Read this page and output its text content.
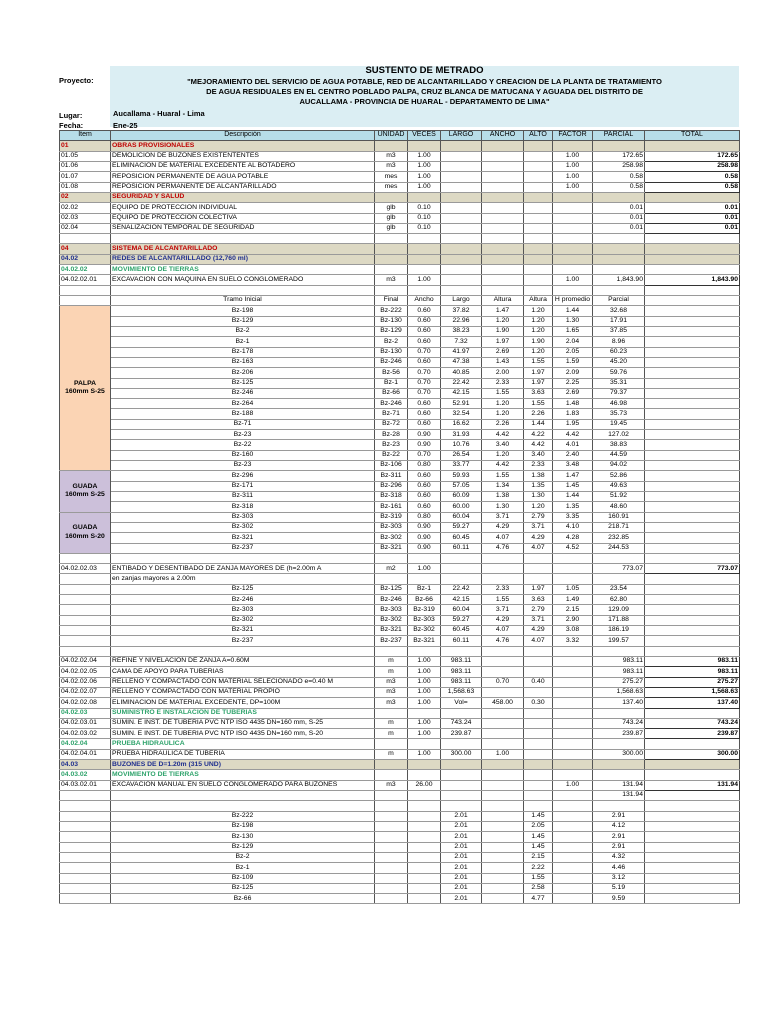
SUSTENTO DE METRADO
Proyecto:	"MEJORAMIENTO DEL SERVICIO DE AGUA POTABLE, RED DE ALCANTARILLADO Y CREACION DE LA PLANTA DE TRATAMIENTO
DE AGUA RESIDUALES EN EL CENTRO POBLADO PALPA, CRUZ BLANCA DE MATUCANA Y AGUADA DEL DISTRITO DE
AUCALLAMA - PROVINCIA DE HUARAL - DEPARTAMENTO DE LIMA"
Lugar:	Aucallama - Huaral - Lima
Fecha:	Ene-25
Item	Descripción	UNIDAD	VECES	LARGO	ANCHO	ALTO	FACTOR	PARCIAL	TOTAL
01	OBRAS PROVISIONALES								
01.05	DEMOLICION DE BUZONES EXISTENTENTES	m3	1.00				1.00	172.65	172.65
01.06	ELIMINACION DE MATERIAL EXCEDENTE AL BOTADERO	m3	1.00				1.00	258.98	258.98
01.07	REPOSICION PERMANENTE DE AGUA POTABLE	mes	1.00				1.00	0.58	0.58
01.08	REPOSICION PERMANENTE DE ALCANTARILLADO	mes	1.00				1.00	0.58	0.58
02	SEGURIDAD Y SALUD								
02.02	EQUIPO DE PROTECCION INDIVIDUAL	glb	0.10					0.01	0.01
02.03	EQUIPO DE PROTECCION COLECTIVA	glb	0.10					0.01	0.01
02.04	SENALIZACION TEMPORAL DE SEGURIDAD	glb	0.10					0.01	0.01

04	SISTEMA DE ALCANTARILLADO								
04.02	REDES DE ALCANTARILLADO (12,760 ml)								
04.02.02	MOVIMIENTO DE TIERRAS								
04.02.02.01	EXCAVACION CON MAQUINA EN SUELO CONGLOMERADO	m3	1.00				1.00	1,843.90	1,843.90

	Tramo Inicial	Final	Ancho	Largo	Altura	Altura	H promedio	Parcial	
PALPA
160mm S-25	Bz-198	Bz-222	0.60	37.82	1.47	1.20	1.44	32.68	
	Bz-129	Bz-130	0.60	22.96	1.20	1.20	1.30	17.91	
	Bz-2	Bz-129	0.60	38.23	1.90	1.20	1.65	37.85	
	Bz-1	Bz-2	0.60	7.32	1.97	1.90	2.04	8.96	
	Bz-178	Bz-130	0.70	41.97	2.69	1.20	2.05	60.23	
	Bz-163	Bz-246	0.60	47.38	1.43	1.55	1.59	45.20	
	Bz-206	Bz-56	0.70	40.85	2.00	1.97	2.09	59.76	
	Bz-125	Bz-1	0.70	22.42	2.33	1.97	2.25	35.31	
	Bz-246	Bz-66	0.70	42.15	1.55	3.63	2.69	79.37	
	Bz-264	Bz-246	0.60	52.91	1.20	1.55	1.48	46.98	
	Bz-188	Bz-71	0.60	32.54	1.20	2.26	1.83	35.73	
	Bz-71	Bz-72	0.60	16.62	2.26	1.44	1.95	19.45	
	Bz-23	Bz-28	0.90	31.93	4.42	4.22	4.42	127.02	
	Bz-22	Bz-23	0.90	10.76	3.40	4.42	4.01	38.83	
	Bz-160	Bz-22	0.70	26.54	1.20	3.40	2.40	44.59	
	Bz-23	Bz-106	0.80	33.77	4.42	2.33	3.48	94.02	
GUADA
160mm S-25	Bz-296	Bz-311	0.60	59.93	1.55	1.38	1.47	52.86	
	Bz-171	Bz-296	0.60	57.05	1.34	1.35	1.45	49.63	
	Bz-311	Bz-318	0.60	60.09	1.38	1.30	1.44	51.92	
	Bz-318	Bz-161	0.60	60.00	1.30	1.20	1.35	48.60	
GUADA
160mm S-20	Bz-303	Bz-319	0.80	60.04	3.71	2.79	3.35	160.91	
	Bz-302	Bz-303	0.90	59.27	4.29	3.71	4.10	218.71	
	Bz-321	Bz-302	0.90	60.45	4.07	4.29	4.28	232.85	
	Bz-237	Bz-321	0.90	60.11	4.76	4.07	4.52	244.53	

04.02.02.03	ENTIBADO Y DESENTIBADO DE ZANJA MAYORES DE (h=2.00m A	m2	1.00					773.07	773.07
	en zanjas mayores a 2.00m								
	Bz-125	Bz-125	Bz-1	22.42	2.33	1.97	1.05	23.54	
	Bz-246	Bz-246	Bz-66	42.15	1.55	3.63	1.49	62.80	
	Bz-303	Bz-303	Bz-319	60.04	3.71	2.79	2.15	129.09	
	Bz-302	Bz-302	Bz-303	59.27	4.29	3.71	2.90	171.88	
	Bz-321	Bz-321	Bz-302	60.45	4.07	4.29	3.08	186.19	
	Bz-237	Bz-237	Bz-321	60.11	4.76	4.07	3.32	199.57	

04.02.02.04	REFINE Y NIVELACION DE ZANJA A=0.60M	m	1.00	983.11				983.11	983.11
04.02.02.05	CAMA DE APOYO PARA TUBERIAS	m	1.00	983.11				983.11	983.11
04.02.02.06	RELLENO Y COMPACTADO CON MATERIAL SELECIONADO e=0.40 M	m3	1.00	983.11	0.70	0.40		275.27	275.27
04.02.02.07	RELLENO Y COMPACTADO CON MATERIAL PROPIO	m3	1.00	1,568.63				1,568.63	1,568.63
04.02.02.08	ELIMINACION DE MATERIAL EXCEDENTE, DP=100M	m3	1.00	Vol=	458.00	0.30		137.40	137.40
04.02.03	SUMINISTRO E INSTALACION DE TUBERIAS								
04.02.03.01	SUMIN. E INST. DE TUBERIA PVC NTP ISO 4435 DN=160 mm, S-25	m	1.00	743.24				743.24	743.24
04.02.03.02	SUMIN. E INST. DE TUBERIA PVC NTP ISO 4435 DN=160 mm, S-20	m	1.00	239.87				239.87	239.87
04.02.04	PRUEBA HIDRAULICA								
04.02.04.01	PRUEBA HIDRAULICA DE TUBERIA	m	1.00	300.00	1.00			300.00	300.00
04.03	BUZONES DE D=1.20m (315 UND)								
04.03.02	MOVIMIENTO DE TIERRAS								
04.03.02.01	EXCAVACION MANUAL EN SUELO CONGLOMERADO PARA BUZONES	m3	26.00				1.00	131.94	131.94
								131.94	

	Bz-222			2.01		1.45		2.91	
	Bz-198			2.01		2.05		4.12	
	Bz-130			2.01		1.45		2.91	
	Bz-129			2.01		1.45		2.91	
	Bz-2			2.01		2.15		4.32	
	Bz-1			2.01		2.22		4.46	
	Bz-109			2.01		1.55		3.12	
	Bz-125			2.01		2.58		5.19	
	Bz-66			2.01		4.77		9.59	
